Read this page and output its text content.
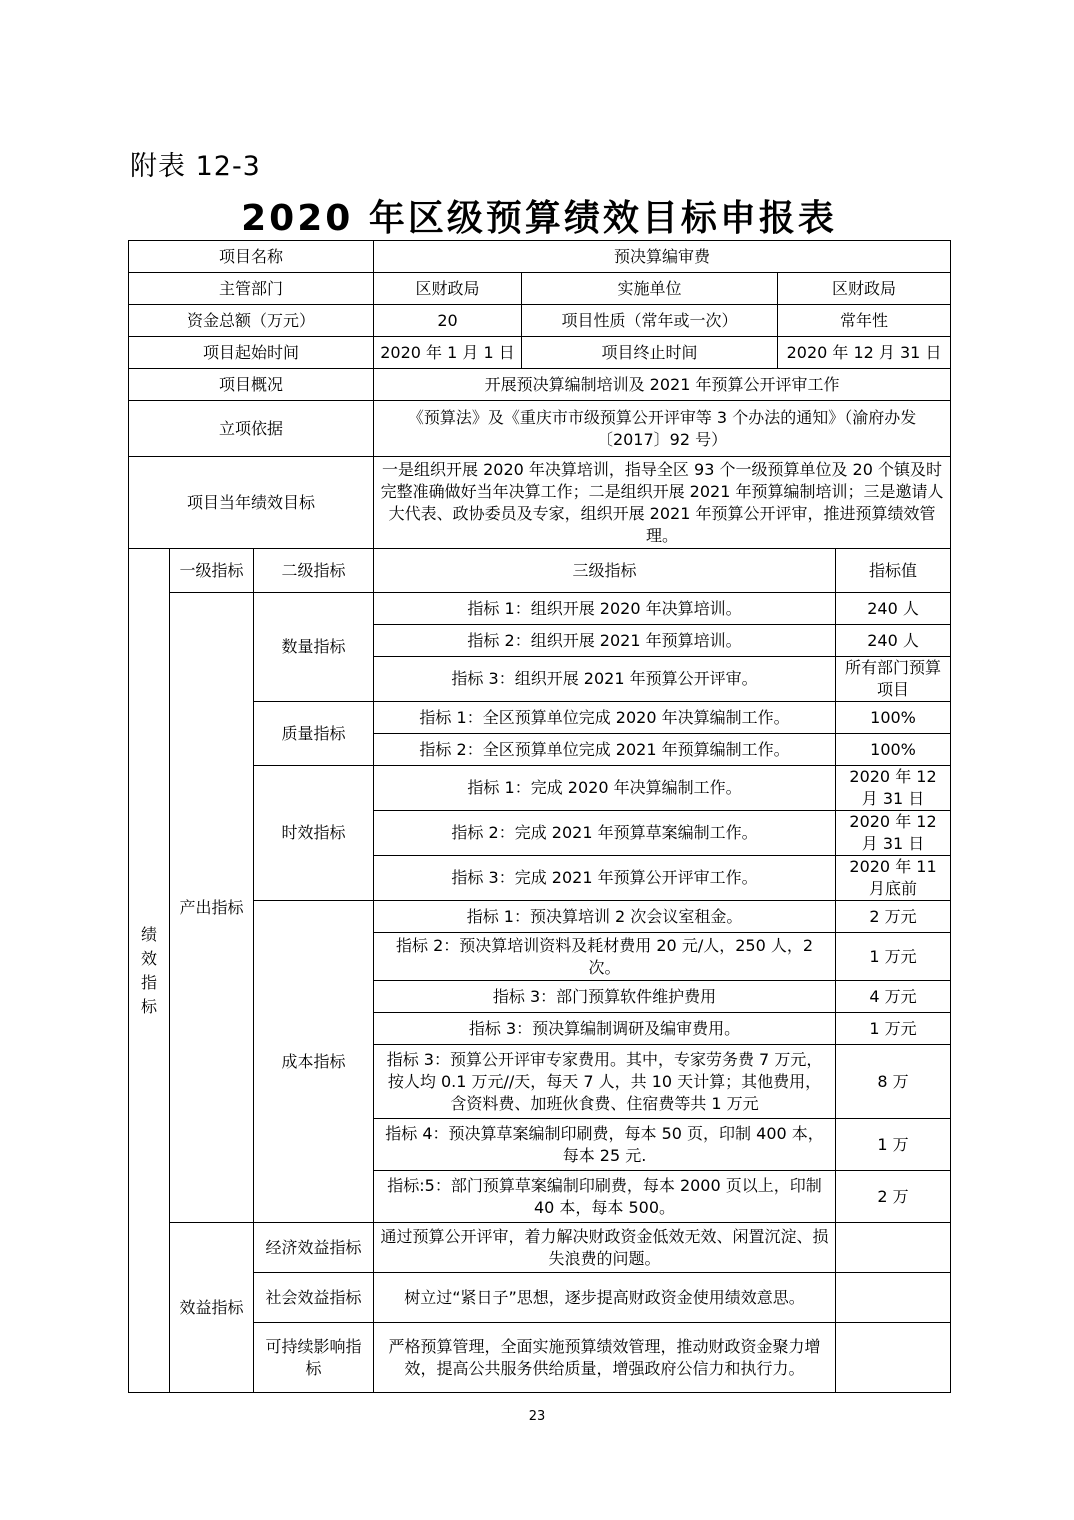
附表 12-3
2020 年区级预算绩效目标申报表
项目名称			预决算编审费			
主管部门			区财政局	实施单位	区财政局	
资金总额（万元）			20	项目性质（常年或一次）	常年性	
项目起始时间			2020 年 1 月 1 日	项目终止时间	2020 年 12 月 31 日	
项目概况			开展预决算编制培训及 2021 年预算公开评审工作			
立项依据			《预算法》及《重庆市市级预算公开评审等 3 个办法的通知》（渝府办发〔2017〕92 号）			
项目当年绩效目标			一是组织开展 2020 年决算培训，指导全区 93 个一级预算单位及 20 个镇及时完整准确做好当年决算工作；二是组织开展 2021 年预算编制培训；三是邀请人大代表、政协委员及专家，组织开展 2021 年预算公开评审，推进预算绩效管理。			

绩效指标	一级指标	二级指标	三级指标			指标值
	产出指标	数量指标	指标 1：组织开展 2020 年决算培训。			240 人
			指标 2：组织开展 2021 年预算培训。			240 人
			指标 3：组织开展 2021 年预算公开评审。			所有部门预算项目
		质量指标	指标 1：全区预算单位完成 2020 年决算编制工作。			100%
			指标 2：全区预算单位完成 2021 年预算编制工作。			100%
		时效指标	指标 1：完成 2020 年决算编制工作。			2020 年 12 月 31 日
			指标 2：完成 2021 年预算草案编制工作。			2020 年 12 月 31 日
			指标 3：完成 2021 年预算公开评审工作。			2020 年 11 月底前
		成本指标	指标 1：预决算培训 2 次会议室租金。			2 万元
			指标 2：预决算培训资料及耗材费用 20 元/人，250 人，2 次。			1 万元
			指标 3：部门预算软件维护费用			4 万元
			指标 3：预决算编制调研及编审费用。			1 万元
			指标 3：预算公开评审专家费用。其中，专家劳务费 7 万元，按人均 0.1 万元//天，每天 7 人，共 10 天计算；其他费用，含资料费、加班伙食费、住宿费等共 1 万元			8 万
			指标 4：预决算草案编制印刷费，每本 50 页，印制 400 本，每本 25 元.			1 万
			指标:5：部门预算草案编制印刷费，每本 2000 页以上，印制 40 本，每本 500。			2 万
	效益指标	经济效益指标	通过预算公开评审，着力解决财政资金低效无效、闲置沉淀、损失浪费的问题。			
		社会效益指标	树立过“紧日子”思想，逐步提高财政资金使用绩效意思。			
		可持续影响指标	严格预算管理，全面实施预算绩效管理，推动财政资金聚力增效，提高公共服务供给质量，增强政府公信力和执行力。			
23
